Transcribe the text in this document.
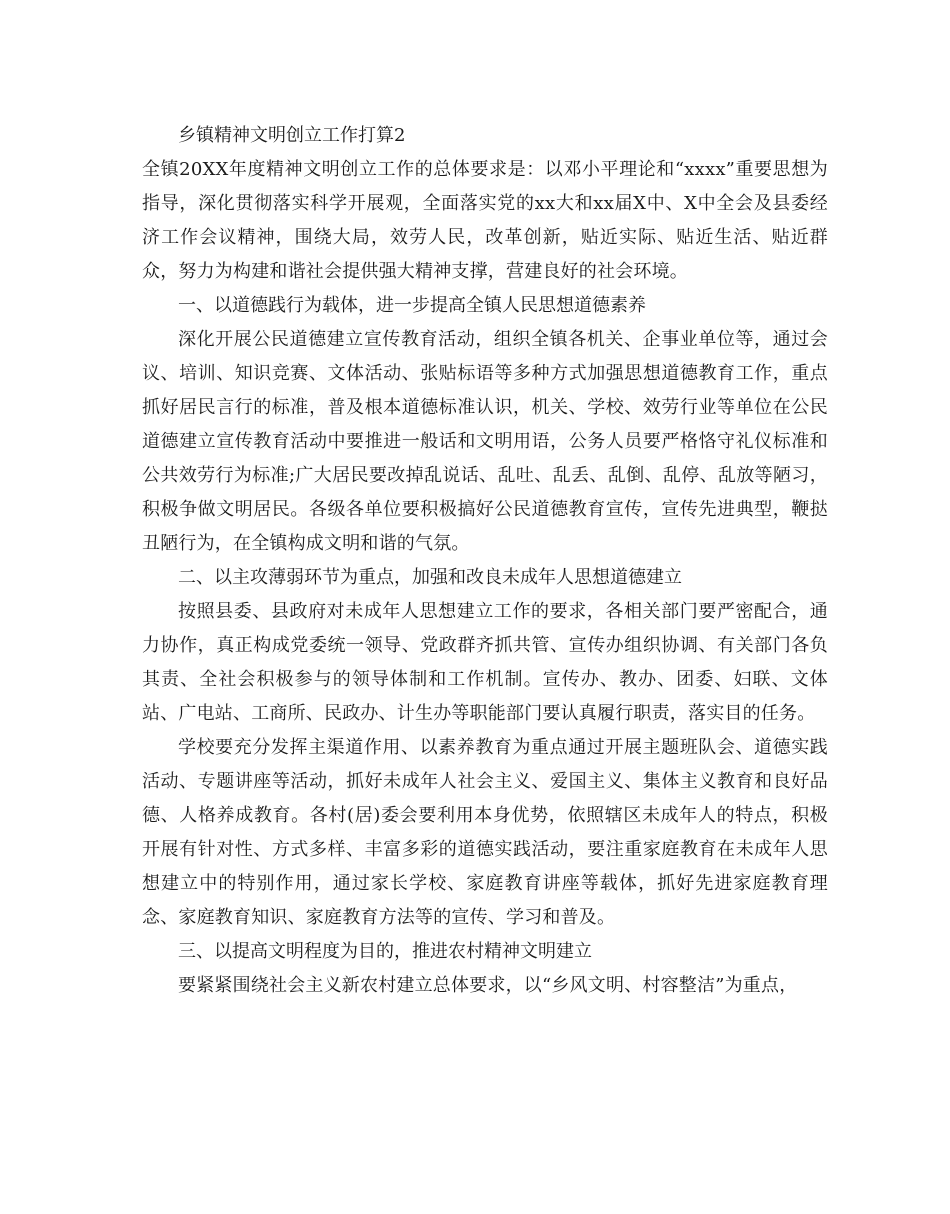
乡镇精神文明创立工作打算2

全镇20XX年度精神文明创立工作的总体要求是：以邓小平理论和“xxxx”重要思想为指导，深化贯彻落实科学开展观，全面落实党的xx大和xx届X中、X中全会及县委经济工作会议精神，围绕大局，效劳人民，改革创新，贴近实际、贴近生活、贴近群众，努力为构建和谐社会提供强大精神支撑，营建良好的社会环境。

一、以道德践行为载体，进一步提高全镇人民思想道德素养

深化开展公民道德建立宣传教育活动，组织全镇各机关、企事业单位等，通过会议、培训、知识竞赛、文体活动、张贴标语等多种方式加强思想道德教育工作，重点抓好居民言行的标准，普及根本道德标准认识，机关、学校、效劳行业等单位在公民道德建立宣传教育活动中要推进一般话和文明用语，公务人员要严格恪守礼仪标准和公共效劳行为标准;广大居民要改掉乱说话、乱吐、乱丢、乱倒、乱停、乱放等陋习，积极争做文明居民。各级各单位要积极搞好公民道德教育宣传，宣传先进典型，鞭挞丑陋行为，在全镇构成文明和谐的气氛。

二、以主攻薄弱环节为重点，加强和改良未成年人思想道德建立

按照县委、县政府对未成年人思想建立工作的要求，各相关部门要严密配合，通力协作，真正构成党委统一领导、党政群齐抓共管、宣传办组织协调、有关部门各负其责、全社会积极参与的领导体制和工作机制。宣传办、教办、团委、妇联、文体站、广电站、工商所、民政办、计生办等职能部门要认真履行职责，落实目的任务。

学校要充分发挥主渠道作用、以素养教育为重点通过开展主题班队会、道德实践活动、专题讲座等活动，抓好未成年人社会主义、爱国主义、集体主义教育和良好品德、人格养成教育。各村(居)委会要利用本身优势，依照辖区未成年人的特点，积极开展有针对性、方式多样、丰富多彩的道德实践活动，要注重家庭教育在未成年人思想建立中的特别作用，通过家长学校、家庭教育讲座等载体，抓好先进家庭教育理念、家庭教育知识、家庭教育方法等的宣传、学习和普及。

三、以提高文明程度为目的，推进农村精神文明建立

要紧紧围绕社会主义新农村建立总体要求，以“乡风文明、村容整洁”为重点，
